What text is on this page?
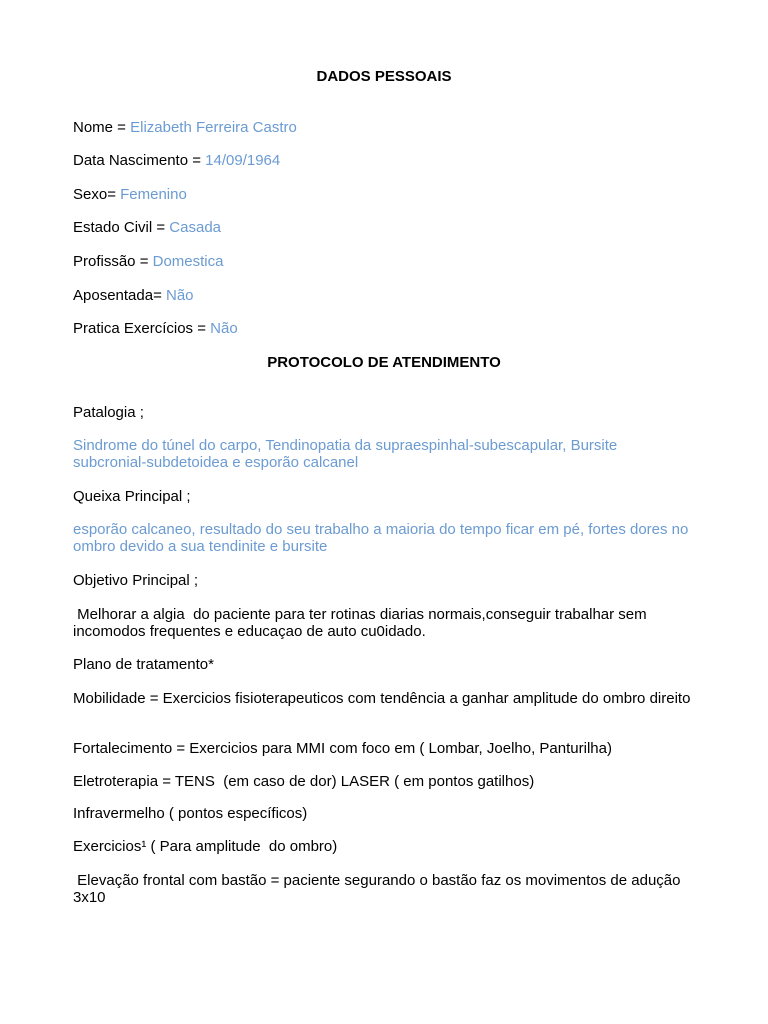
DADOS PESSOAIS
Nome = Elizabeth Ferreira Castro
Data Nascimento = 14/09/1964
Sexo= Femenino
Estado Civil = Casada
Profissão = Domestica
Aposentada= Não
Pratica Exercícios = Não
PROTOCOLO DE ATENDIMENTO
Patalogia ;
Sindrome do túnel do carpo, Tendinopatia da supraespinhal-subescapular, Bursite subcronial-subdetoidea e esporão calcanel
Queixa Principal ;
esporão calcaneo, resultado do seu trabalho a maioria do tempo ficar em pé, fortes dores no ombro devido a sua tendinite e bursite
Objetivo Principal ;
Melhorar a algia  do paciente para ter rotinas diarias normais,conseguir trabalhar sem incomodos frequentes e educaçao de auto cu0idado.
Plano de tratamento*
Mobilidade = Exercicios fisioterapeuticos com tendência a ganhar amplitude do ombro direito
Fortalecimento = Exercicios para MMI com foco em ( Lombar, Joelho, Panturilha)
Eletroterapia = TENS  (em caso de dor) LASER ( em pontos gatilhos)
Infravermelho ( pontos específicos)
Exercicios¹ ( Para amplitude  do ombro)
Elevação frontal com bastão = paciente segurando o bastão faz os movimentos de adução 3x10
